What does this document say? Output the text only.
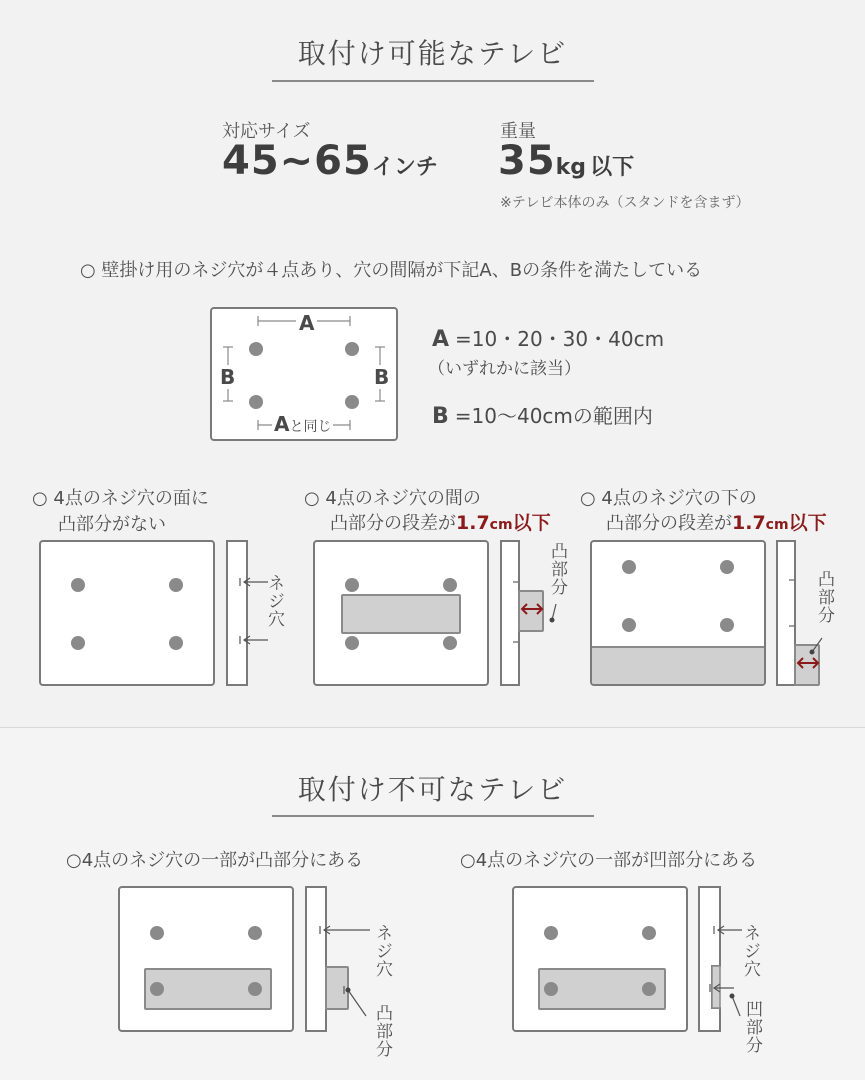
取付け可能なテレビ
対応サイズ
45~65インチ
重量
35kg 以下
※テレビ本体のみ（スタンドを含まず）
○ 壁掛け用のネジ穴が４点あり、穴の間隔が下記A、Bの条件を満たしている
A
B	B
Aと同じ
A =10・20・30・40cm
（いずれかに該当）
B =10～40cmの範囲内
○ 4点のネジ穴の面に
凸部分がない
ネジ穴
○ 4点のネジ穴の間の
凸部分の段差が1.7cm以下
凸部分
○ 4点のネジ穴の下の
凸部分の段差が1.7cm以下
凸部分
取付け不可なテレビ
○4点のネジ穴の一部が凸部分にある
ネジ穴
凸部分
○4点のネジ穴の一部が凹部分にある
ネジ穴
凹部分
